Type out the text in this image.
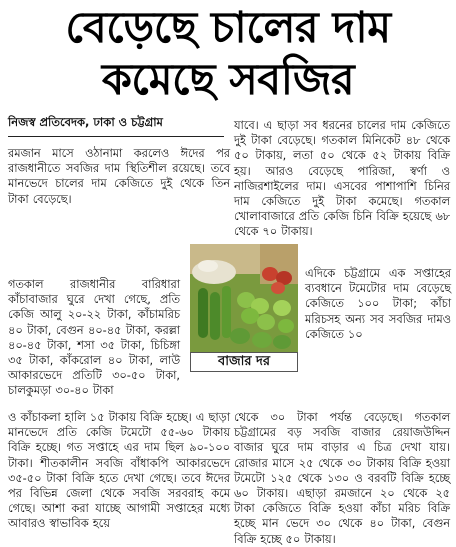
বেড়েছে চালের দাম
কমেছে সবজির
নিজস্ব প্রতিবেদক, ঢাকা ও চট্টগ্রাম
রমজান মাসে ওঠানামা করলেও ঈদের পর রাজধানীতে সবজির দাম স্থিতিশীল রয়েছে। তবে মানভেদে চালের দাম কেজিতে দুই থেকে তিন টাকা বেড়েছে।
গতকাল রাজধানীর বারিধারা কাঁচাবাজার ঘুরে দেখা গেছে, প্রতি কেজি আলু ২০-২২ টাকা, কাঁচামরিচ ৪০ টাকা, বেগুন ৪০-৪৫ টাকা, করল্লা ৪০-৪৫ টাকা, শসা ৩৫ টাকা, চিচিঙ্গা ৩৫ টাকা, কাঁকরোল ৪০ টাকা, লাউ আকারভেদে প্রতিটি ৩০-৫০ টাকা, চালকুমড়া ৩০-৪০ টাকা
ও কাঁচাকলা হালি ১৫ টাকায় বিক্রি হচ্ছে। এ ছাড়া মানভেদে প্রতি কেজি টমেটো ৫৫-৬০ টাকায় বিক্রি হচ্ছে। গত সপ্তাহে এর দাম ছিল ৯০-১০০ টাকা। শীতকালীন সবজি বাঁধাকপি আকারভেদে ৩৫-৫০ টাকা বিক্রি হতে দেখা গেছে। তবে ঈদের পর বিভিন্ন জেলা থেকে সবজি সরবরাহ কমে গেছে। আশা করা যাচ্ছে আগামী সপ্তাহের মধ্যে আবারও স্বাভাবিক হয়ে
যাবে। এ ছাড়া সব ধরনের চালের দাম কেজিতে দুই টাকা বেড়েছে। গতকাল মিনিকেট ৪৮ থেকে ৫০ টাকায়, লতা ৫০ থেকে ৫২ টাকায় বিক্রি হয়। আরও বেড়েছে পারিজা, স্বর্ণা ও নাজিরশাইলের দাম। এসবের পাশাপাশি চিনির দাম কেজিতে দুই টাকা কমেছে। গতকাল খোলাবাজারে প্রতি কেজি চিনি বিক্রি হয়েছে ৬৮ থেকে ৭০ টাকায়।
এদিকে চট্টগ্রামে এক সপ্তাহের ব্যবধানে টমেটোর দাম বেড়েছে কেজিতে ১০০ টাকা; কাঁচা মরিচসহ অন্য সব সবজির দামও কেজিতে ১০
থেকে ৩০ টাকা পর্যন্ত বেড়েছে। গতকাল চট্টগ্রামের বড় সবজি বাজার রেয়াজউদ্দিন বাজার ঘুরে দাম বাড়ার এ চিত্র দেখা যায়। রোজার মাসে ২৫ থেকে ৩০ টাকায় বিক্রি হওয়া টমেটো ১২৫ থেকে ১৩০ ও বরবটি বিক্রি হচ্ছে ৬০ টাকায়। এছাড়া রমজানে ২০ থেকে ২৫ টাকা কেজিতে বিক্রি হওয়া কাঁচা মরিচ বিক্রি হচ্ছে মান ভেদে ৩০ থেকে ৪০ টাকা, বেগুন বিক্রি হচ্ছে ৫০ টাকায়।
বাজার দর
